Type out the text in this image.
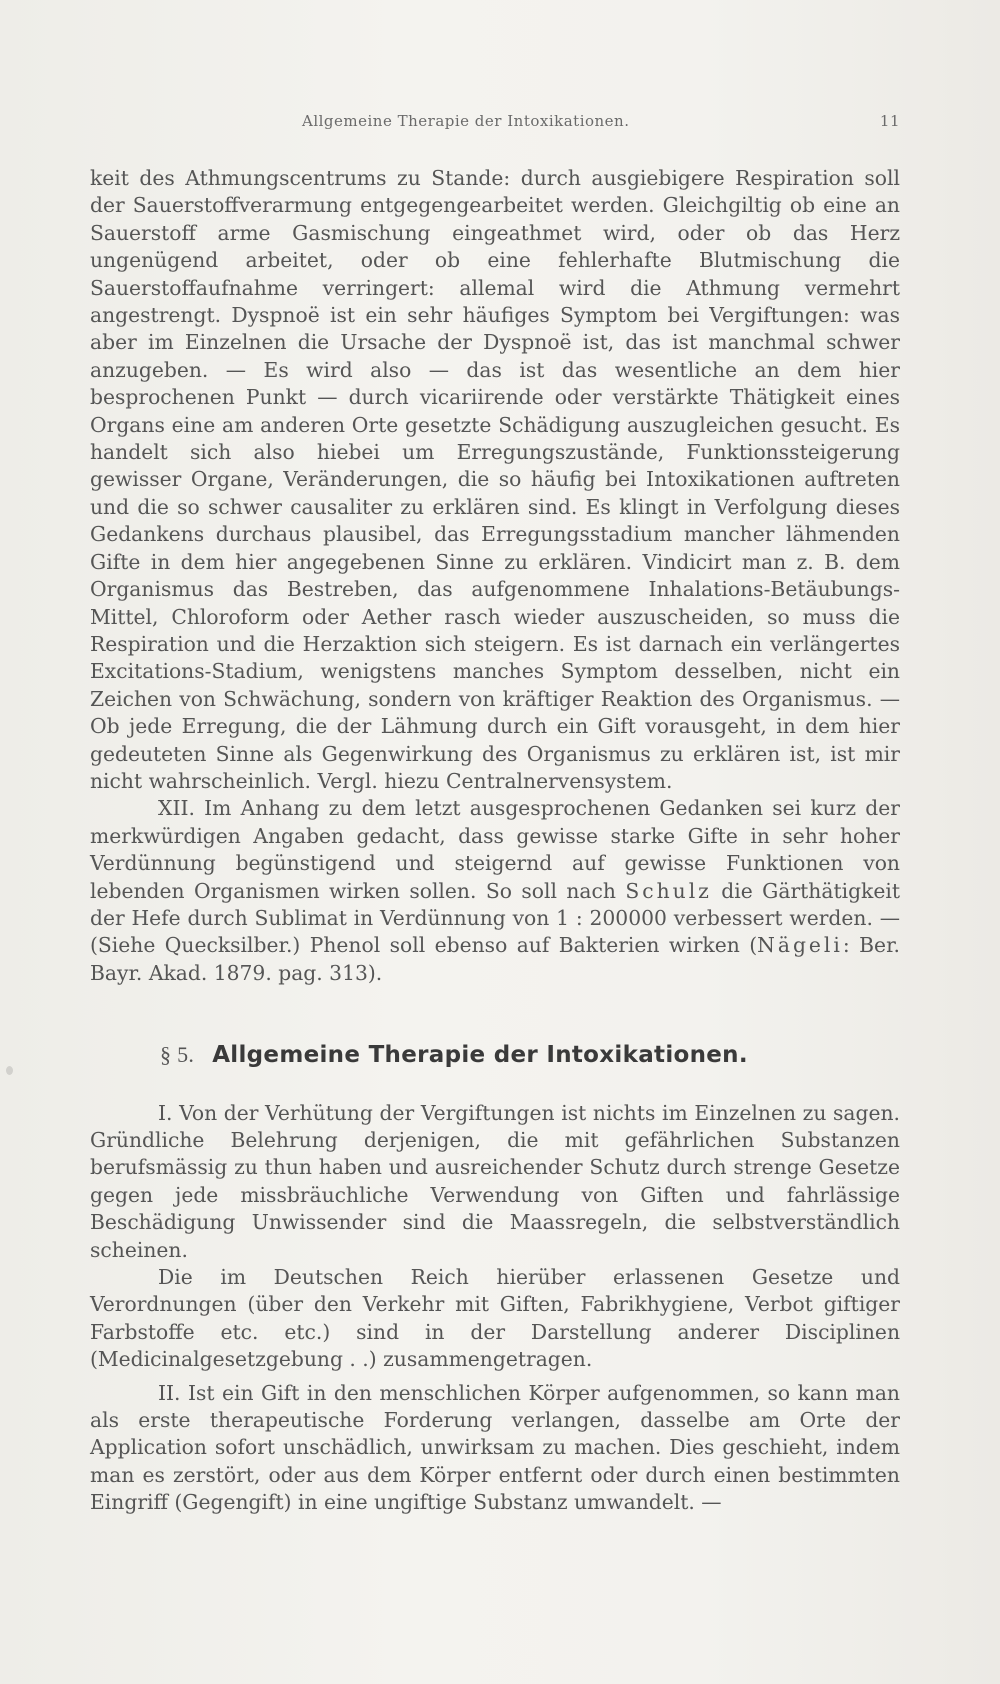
Allgemeine Therapie der Intoxikationen.	11

keit des Athmungscentrums zu Stande: durch ausgiebigere Respiration soll der Sauerstoffverarmung entgegengearbeitet werden. Gleichgiltig ob eine an Sauerstoff arme Gasmischung eingeathmet wird, oder ob das Herz ungenügend arbeitet, oder ob eine fehlerhafte Blutmischung die Sauerstoffaufnahme verringert: allemal wird die Athmung vermehrt angestrengt. Dyspnoë ist ein sehr häufiges Symptom bei Vergiftungen: was aber im Einzelnen die Ursache der Dyspnoë ist, das ist manchmal schwer anzugeben. — Es wird also — das ist das wesentliche an dem hier besprochenen Punkt — durch vicariirende oder verstärkte Thätigkeit eines Organs eine am anderen Orte gesetzte Schädigung auszugleichen gesucht. Es handelt sich also hiebei um Erregungszustände, Funktionssteigerung gewisser Organe, Veränderungen, die so häufig bei Intoxikationen auftreten und die so schwer causaliter zu erklären sind. Es klingt in Verfolgung dieses Gedankens durchaus plausibel, das Erregungsstadium mancher lähmenden Gifte in dem hier angegebenen Sinne zu erklären. Vindicirt man z. B. dem Organismus das Bestreben, das aufgenommene Inhalations-Betäubungs-Mittel, Chloroform oder Aether rasch wieder auszuscheiden, so muss die Respiration und die Herzaktion sich steigern. Es ist darnach ein verlängertes Excitations-Stadium, wenigstens manches Symptom desselben, nicht ein Zeichen von Schwächung, sondern von kräftiger Reaktion des Organismus. — Ob jede Erregung, die der Lähmung durch ein Gift vorausgeht, in dem hier gedeuteten Sinne als Gegenwirkung des Organismus zu erklären ist, ist mir nicht wahrscheinlich. Vergl. hiezu Centralnervensystem.

XII. Im Anhang zu dem letzt ausgesprochenen Gedanken sei kurz der merkwürdigen Angaben gedacht, dass gewisse starke Gifte in sehr hoher Verdünnung begünstigend und steigernd auf gewisse Funktionen von lebenden Organismen wirken sollen. So soll nach Schulz die Gärthätigkeit der Hefe durch Sublimat in Verdünnung von 1 : 200000 verbessert werden. — (Siehe Quecksilber.) Phenol soll ebenso auf Bakterien wirken (Nägeli: Ber. Bayr. Akad. 1879. pag. 313).

§ 5. Allgemeine Therapie der Intoxikationen.

I. Von der Verhütung der Vergiftungen ist nichts im Einzelnen zu sagen. Gründliche Belehrung derjenigen, die mit gefährlichen Substanzen berufsmässig zu thun haben und ausreichender Schutz durch strenge Gesetze gegen jede missbräuchliche Verwendung von Giften und fahrlässige Beschädigung Unwissender sind die Maassregeln, die selbstverständlich scheinen.

Die im Deutschen Reich hierüber erlassenen Gesetze und Verordnungen (über den Verkehr mit Giften, Fabrikhygiene, Verbot giftiger Farbstoffe etc. etc.) sind in der Darstellung anderer Disciplinen (Medicinalgesetzgebung . .) zusammengetragen.

II. Ist ein Gift in den menschlichen Körper aufgenommen, so kann man als erste therapeutische Forderung verlangen, dasselbe am Orte der Application sofort unschädlich, unwirksam zu machen. Dies geschieht, indem man es zerstört, oder aus dem Körper entfernt oder durch einen bestimmten Eingriff (Gegengift) in eine ungiftige Substanz umwandelt. —
